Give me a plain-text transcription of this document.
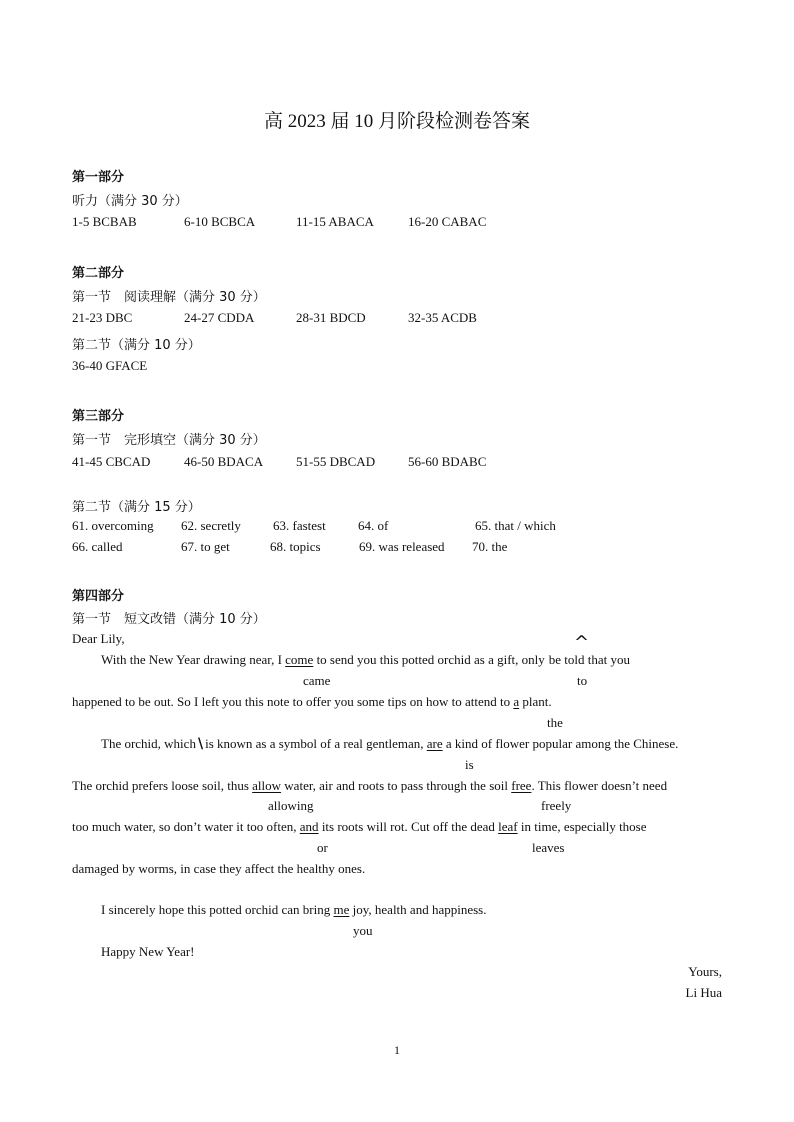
高 2023 届 10 月阶段检测卷答案
第一部分
听力（满分 30 分）
1-5 BCBAB	6-10 BCBCA	11-15 ABACA	16-20 CABAC
第二部分
第一节　阅读理解（满分 30 分）
21-23 DBC	24-27 CDDA	28-31 BDCD	32-35 ACDB
第二节（满分 10 分）
36-40 GFACE
第三部分
第一节　完形填空（满分 30 分）
41-45 CBCAD	46-50 BDACA	51-55 DBCAD	56-60 BDABC
第二节（满分 15 分）
61. overcoming 62. secretly 63. fastest 64. of	65. that / which
66. called	67. to get	68. topics	69. was released 70. the
第四部分
第一节　短文改错（满分 10 分）
Dear Lily,
With the New Year drawing near, I come to send you this potted orchid as a gift, only be told that you
^
came	to
happened to be out. So I left you this note to offer you some tips on how to attend to a plant.
the
The orchid, which \ is known as a symbol of a real gentleman, are a kind of flower popular among the Chinese.
is
The orchid prefers loose soil, thus allow water, air and roots to pass through the soil free. This flower doesn’t need
allowing	freely
too much water, so don’t water it too often, and its roots will rot. Cut off the dead leaf in time, especially those
or	leaves
damaged by worms, in case they affect the healthy ones.
I sincerely hope this potted orchid can bring me joy, health and happiness.
you
Happy New Year!
Yours,
Li Hua
1
